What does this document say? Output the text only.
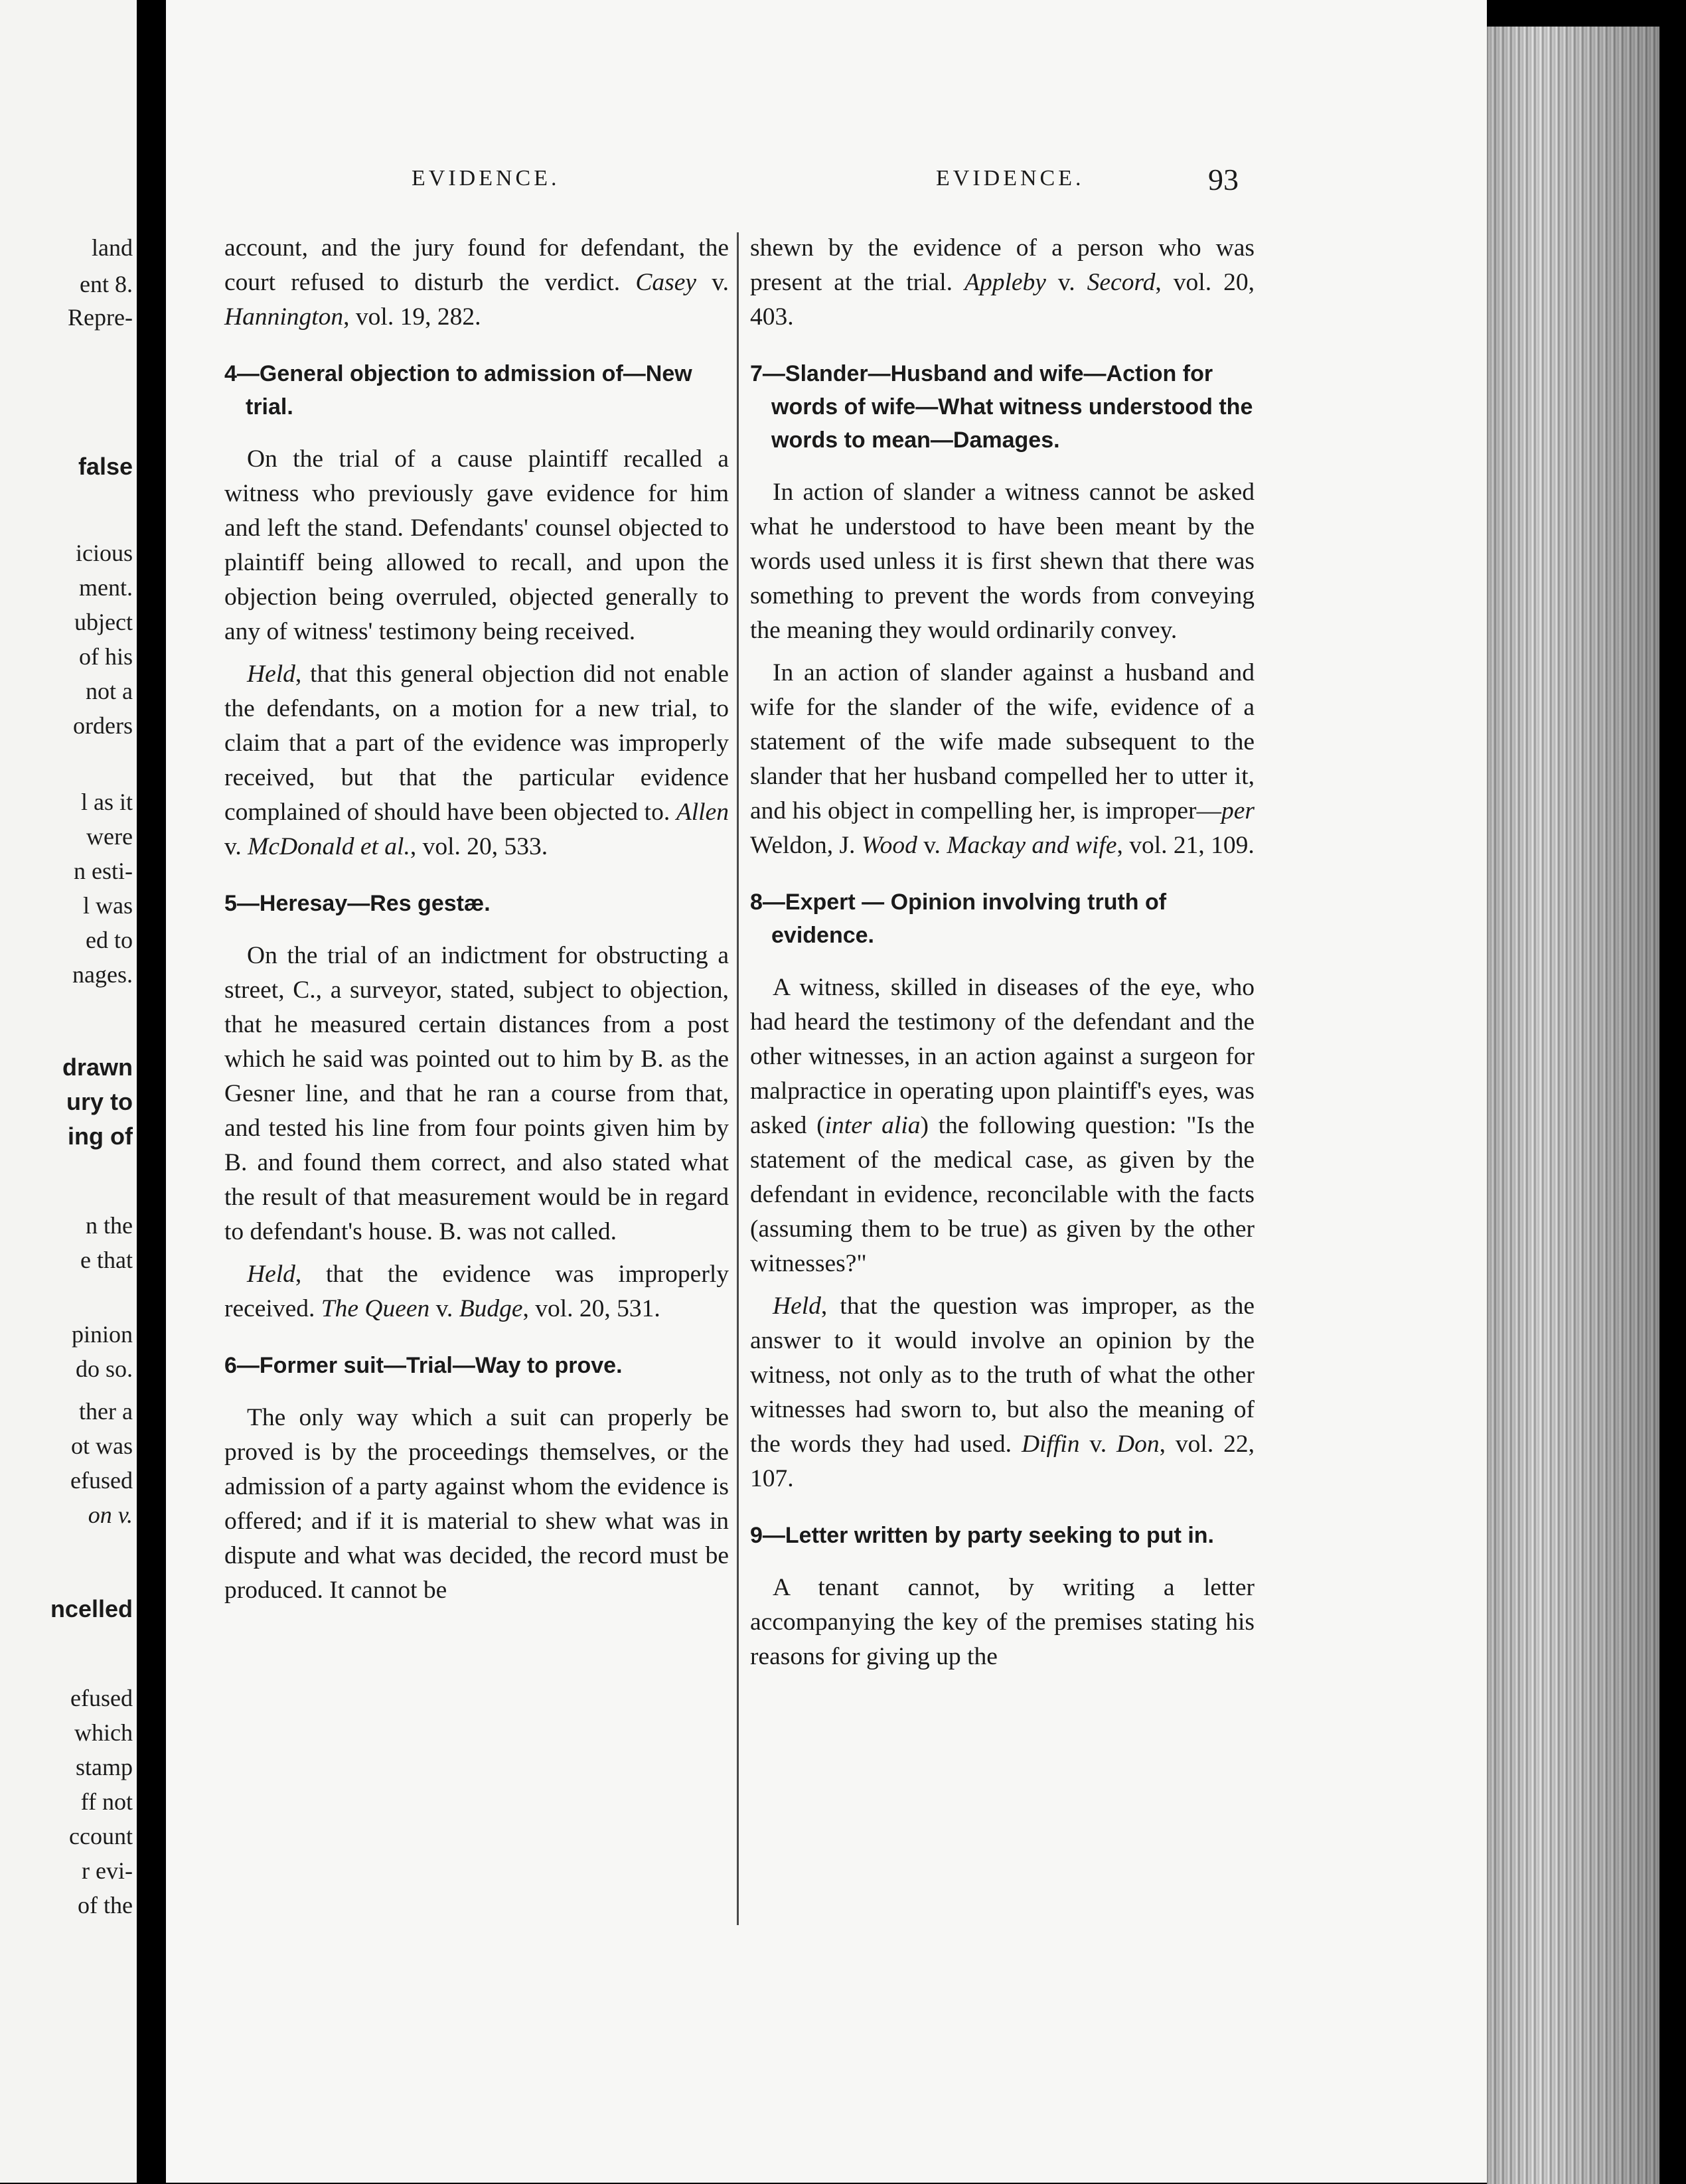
land
ent 8.
Repre-
false
icious
ment.
ubject
of his
not a
orders
l as it
were
n esti-
l was
ed to
nages.
drawn
ury to
ing of
n the
e that
pinion
do so.
ther a
ot was
efused
on v.
ncelled
efused
which
stamp
ff not
ccount
r evi-
of the
EVIDENCE.	EVIDENCE.	93

account, and the jury found for defendant, the court refused to disturb the verdict. Casey v. Hannington, vol. 19, 282.

4—General objection to admission of—New trial.

On the trial of a cause plaintiff recalled a witness who previously gave evidence for him and left the stand. Defendants' counsel objected to plaintiff being allowed to recall, and upon the objection being overruled, objected generally to any of witness' testimony being received.

Held, that this general objection did not enable the defendants, on a motion for a new trial, to claim that a part of the evidence was improperly received, but that the particular evidence complained of should have been objected to. Allen v. McDonald et al., vol. 20, 533.

5—Heresay—Res gestæ.

On the trial of an indictment for obstructing a street, C., a surveyor, stated, subject to objection, that he measured certain distances from a post which he said was pointed out to him by B. as the Gesner line, and that he ran a course from that, and tested his line from four points given him by B. and found them correct, and also stated what the result of that measurement would be in regard to defendant's house. B. was not called.

Held, that the evidence was improperly received. The Queen v. Budge, vol. 20, 531.

6—Former suit—Trial—Way to prove.

The only way which a suit can properly be proved is by the proceedings themselves, or the admission of a party against whom the evidence is offered; and if it is material to shew what was in dispute and what was decided, the record must be produced. It cannot be

shewn by the evidence of a person who was present at the trial. Appleby v. Secord, vol. 20, 403.

7—Slander—Husband and wife—Action for words of wife—What witness understood the words to mean—Damages.

In action of slander a witness cannot be asked what he understood to have been meant by the words used unless it is first shewn that there was something to prevent the words from conveying the meaning they would ordinarily convey.

In an action of slander against a husband and wife for the slander of the wife, evidence of a statement of the wife made subsequent to the slander that her husband compelled her to utter it, and his object in compelling her, is improper—per Weldon, J. Wood v. Mackay and wife, vol. 21, 109.

8—Expert — Opinion involving truth of evidence.

A witness, skilled in diseases of the eye, who had heard the testimony of the defendant and the other witnesses, in an action against a surgeon for malpractice in operating upon plaintiff's eyes, was asked (inter alia) the following question: "Is the statement of the medical case, as given by the defendant in evidence, reconcilable with the facts (assuming them to be true) as given by the other witnesses?"

Held, that the question was improper, as the answer to it would involve an opinion by the witness, not only as to the truth of what the other witnesses had sworn to, but also the meaning of the words they had used. Diffin v. Don, vol. 22, 107.

9—Letter written by party seeking to put in.

A tenant cannot, by writing a letter accompanying the key of the premises stating his reasons for giving up the
